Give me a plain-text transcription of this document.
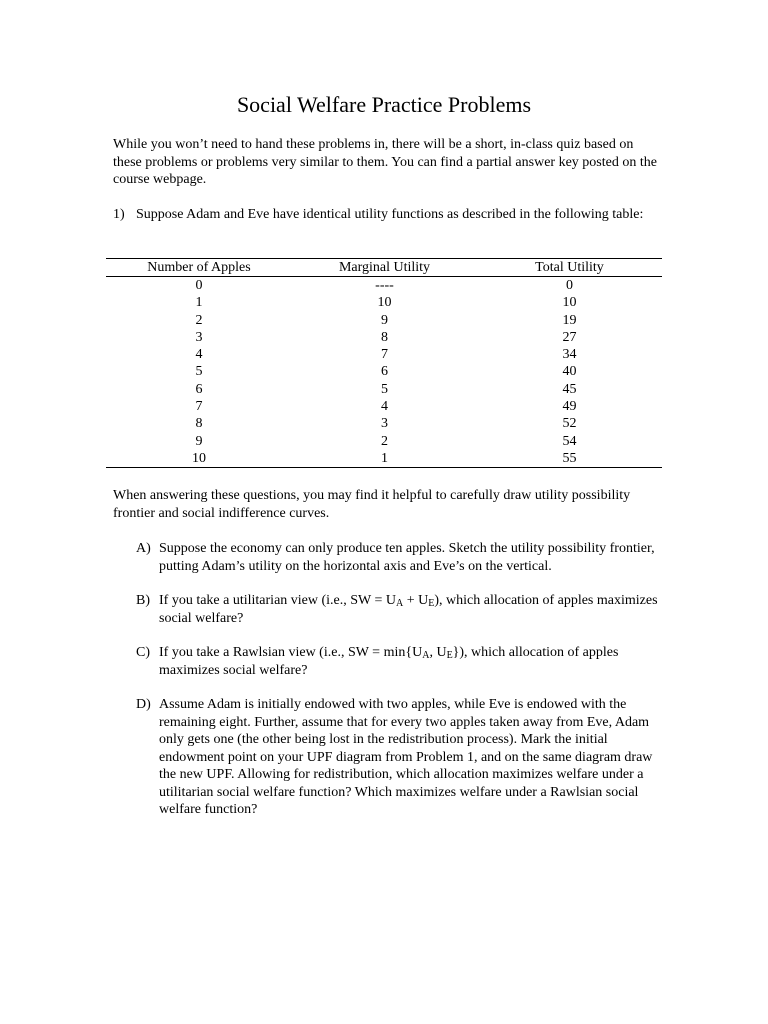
Social Welfare Practice Problems
While you won’t need to hand these problems in, there will be a short, in-class quiz based on these problems or problems very similar to them. You can find a partial answer key posted on the course webpage.
1) Suppose Adam and Eve have identical utility functions as described in the following table:
Number of Apples	Marginal Utility	Total Utility
0	----	0
1	10	10
2	9	19
3	8	27
4	7	34
5	6	40
6	5	45
7	4	49
8	3	52
9	2	54
10	1	55
When answering these questions, you may find it helpful to carefully draw utility possibility frontier and social indifference curves.
A) Suppose the economy can only produce ten apples. Sketch the utility possibility frontier, putting Adam’s utility on the horizontal axis and Eve’s on the vertical.
B) If you take a utilitarian view (i.e., SW = $U_A + U_E$), which allocation of apples maximizes social welfare?
C) If you take a Rawlsian view (i.e., SW = $\min\{U_A$, $U_E$}), which allocation of apples maximizes social welfare?
D) Assume Adam is initially endowed with two apples, while Eve is endowed with the remaining eight. Further, assume that for every two apples taken away from Eve, Adam only gets one (the other being lost in the redistribution process). Mark the initial endowment point on your UPF diagram from Problem 1, and on the same diagram draw the new UPF. Allowing for redistribution, which allocation maximizes welfare under a utilitarian social welfare function? Which maximizes welfare under a Rawlsian social welfare function?
